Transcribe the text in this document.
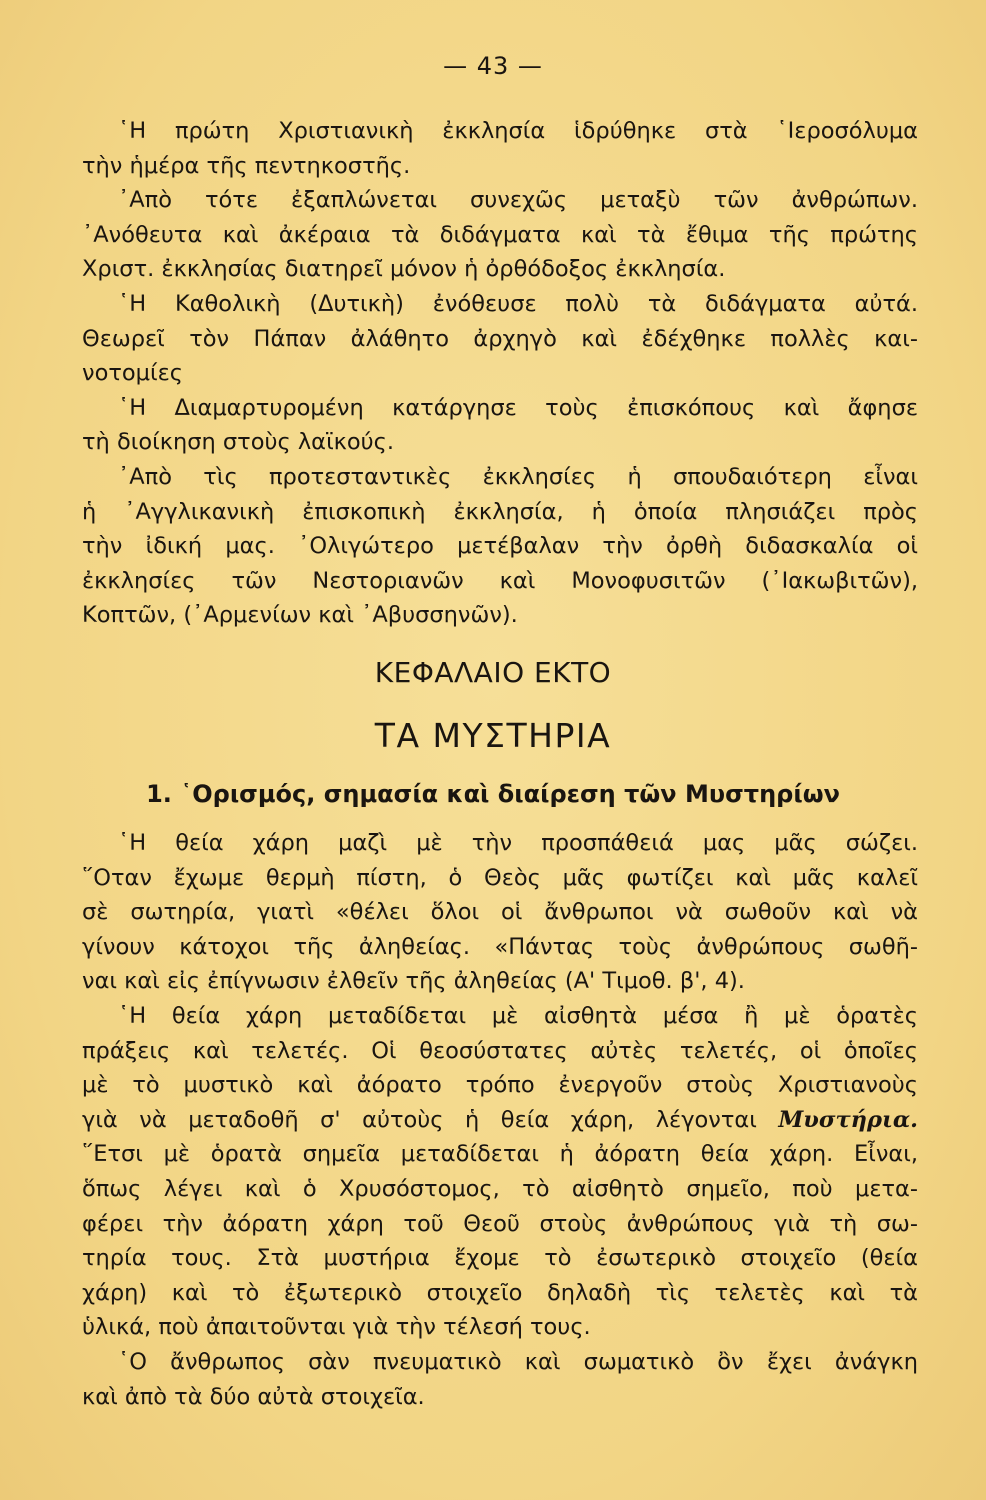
— 43 —
῾Η πρώτη Χριστιανικὴ ἐκκλησία ἱδρύθηκε στὰ ῾Ιεροσόλυμα
τὴν ἡμέρα τῆς πεντηκοστῆς.
᾿Απὸ τότε ἐξαπλώνεται συνεχῶς μεταξὺ τῶν ἀνθρώπων.
᾿Ανόθευτα καὶ ἀκέραια τὰ διδάγματα καὶ τὰ ἔθιμα τῆς πρώτης
Χριστ. ἐκκλησίας διατηρεῖ μόνον ἡ ὀρθόδοξος ἐκκλησία.
῾Η Καθολικὴ (Δυτικὴ) ἐνόθευσε πολὺ τὰ διδάγματα αὐτά.
Θεωρεῖ τὸν Πάπαν ἀλάθητο ἀρχηγὸ καὶ ἐδέχθηκε πολλὲς και-
νοτομίες
῾Η Διαμαρτυρομένη κατάργησε τοὺς ἐπισκόπους καὶ ἄφησε
τὴ διοίκηση στοὺς λαϊκούς.
᾿Απὸ τὶς προτεσταντικὲς ἐκκλησίες ἡ σπουδαιότερη εἶναι
ἡ ᾿Αγγλικανικὴ ἐπισκοπικὴ ἐκκλησία, ἡ ὁποία πλησιάζει πρὸς
τὴν ἰδική μας. ᾿Ολιγώτερο μετέβαλαν τὴν ὀρθὴ διδασκαλία οἱ
ἐκκλησίες τῶν Νεστοριανῶν καὶ Μονοφυσιτῶν (᾿Ιακωβιτῶν),
Κοπτῶν, (᾿Αρμενίων καὶ ᾿Αβυσσηνῶν).
ΚΕΦΑΛΑΙΟ ΕΚΤΟ
ΤΑ ΜΥΣΤΗΡΙΑ
1. ῾Ορισμός, σημασία καὶ διαίρεση τῶν Μυστηρίων
῾Η θεία χάρη μαζὶ μὲ τὴν προσπάθειά μας μᾶς σώζει.
῞Οταν ἔχωμε θερμὴ πίστη, ὁ Θεὸς μᾶς φωτίζει καὶ μᾶς καλεῖ
σὲ σωτηρία, γιατὶ «θέλει ὅλοι οἱ ἄνθρωποι νὰ σωθοῦν καὶ νὰ
γίνουν κάτοχοι τῆς ἀληθείας. «Πάντας τοὺς ἀνθρώπους σωθῆ-
ναι καὶ εἰς ἐπίγνωσιν ἐλθεῖν τῆς ἀληθείας (Α' Τιμοθ. β', 4).
῾Η θεία χάρη μεταδίδεται μὲ αἰσθητὰ μέσα ἢ μὲ ὁρατὲς
πράξεις καὶ τελετές. Οἱ θεοσύστατες αὐτὲς τελετές, οἱ ὁποῖες
μὲ τὸ μυστικὸ καὶ ἀόρατο τρόπο ἐνεργοῦν στοὺς Χριστιανοὺς
γιὰ νὰ μεταδοθῆ σ' αὐτοὺς ἡ θεία χάρη, λέγονται Μυστήρια.
῞Ετσι μὲ ὁρατὰ σημεῖα μεταδίδεται ἡ ἀόρατη θεία χάρη. Εἶναι,
ὅπως λέγει καὶ ὁ Χρυσόστομος, τὸ αἰσθητὸ σημεῖο, ποὺ μετα-
φέρει τὴν ἀόρατη χάρη τοῦ Θεοῦ στοὺς ἀνθρώπους γιὰ τὴ σω-
τηρία τους. Στὰ μυστήρια ἔχομε τὸ ἐσωτερικὸ στοιχεῖο (θεία
χάρη) καὶ τὸ ἐξωτερικὸ στοιχεῖο δηλαδὴ τὶς τελετὲς καὶ τὰ
ὑλικά, ποὺ ἀπαιτοῦνται γιὰ τὴν τέλεσή τους.
῾Ο ἄνθρωπος σὰν πνευματικὸ καὶ σωματικὸ ὂν ἔχει ἀνάγκη
καὶ ἀπὸ τὰ δύο αὐτὰ στοιχεῖα.
